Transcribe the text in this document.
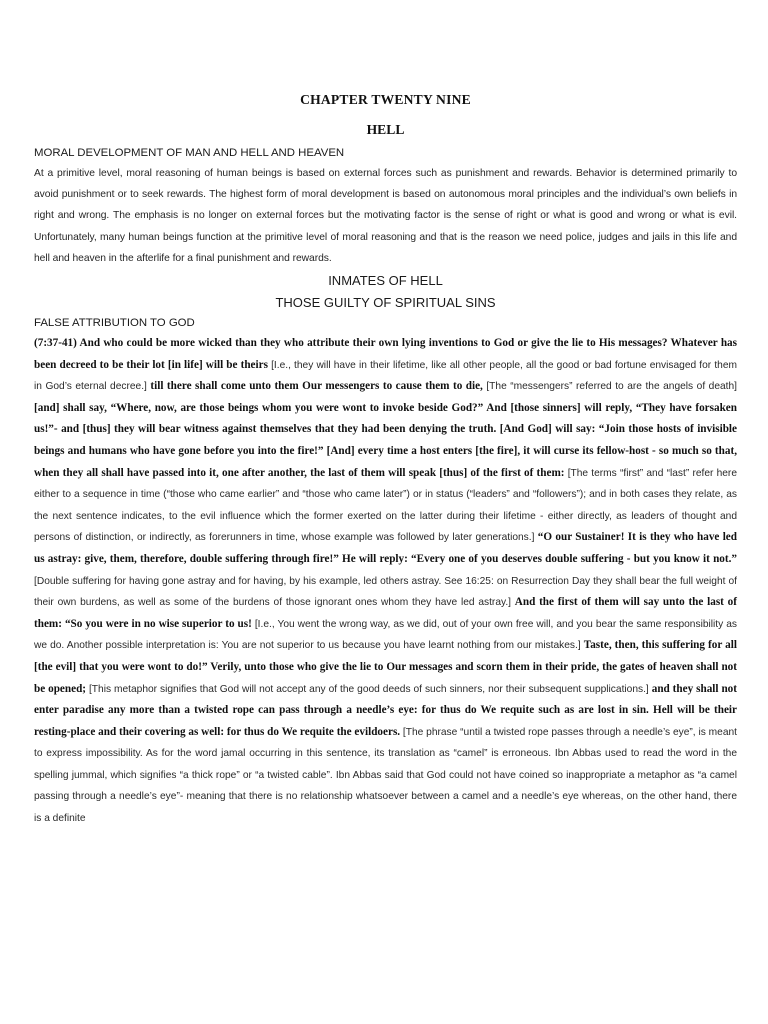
CHAPTER TWENTY NINE
HELL
MORAL DEVELOPMENT OF MAN AND HELL AND HEAVEN

At a primitive level, moral reasoning of human beings is based on external forces such as punishment and rewards. Behavior is determined primarily to avoid punishment or to seek rewards. The highest form of moral development is based on autonomous moral principles and the individual’s own beliefs in right and wrong. The emphasis is no longer on external forces but the motivating factor is the sense of right or what is good and wrong or what is evil. Unfortunately, many human beings function at the primitive level of moral reasoning and that is the reason we need police, judges and jails in this life and hell and heaven in the afterlife for a final punishment and rewards.

INMATES OF HELL
THOSE GUILTY OF SPIRITUAL SINS
FALSE ATTRIBUTION TO GOD

(7:37-41) And who could be more wicked than they who attribute their own lying inventions to God or give the lie to His messages? Whatever has been decreed to be their lot [in life] will be theirs [I.e., they will have in their lifetime, like all other people, all the good or bad fortune envisaged for them in God’s eternal decree.] till there shall come unto them Our messengers to cause them to die, [The “messengers” referred to are the angels of death] [and] shall say, “Where, now, are those beings whom you were wont to invoke beside God?” And [those sinners] will reply, “They have forsaken us!”- and [thus] they will bear witness against themselves that they had been denying the truth. [And God] will say: “Join those hosts of invisible beings and humans who have gone before you into the fire!” [And] every time a host enters [the fire], it will curse its fellow-host - so much so that, when they all shall have passed into it, one after another, the last of them will speak [thus] of the first of them: [The terms “first” and “last” refer here either to a sequence in time (“those who came earlier” and “those who came later”) or in status (“leaders” and “followers”); and in both cases they relate, as the next sentence indicates, to the evil influence which the former exerted on the latter during their lifetime - either directly, as leaders of thought and persons of distinction, or indirectly, as forerunners in time, whose example was followed by later generations.] “O our Sustainer! It is they who have led us astray: give, them, therefore, double suffering through fire!” He will reply: “Every one of you deserves double suffering - but you know it not.” [Double suffering for having gone astray and for having, by his example, led others astray. See 16:25: on Resurrection Day they shall bear the full weight of their own burdens, as well as some of the burdens of those ignorant ones whom they have led astray.] And the first of them will say unto the last of them: “So you were in no wise superior to us! [I.e., You went the wrong way, as we did, out of your own free will, and you bear the same responsibility as we do. Another possible interpretation is: You are not superior to us because you have learnt nothing from our mistakes.] Taste, then, this suffering for all [the evil] that you were wont to do!” Verily, unto those who give the lie to Our messages and scorn them in their pride, the gates of heaven shall not be opened; [This metaphor signifies that God will not accept any of the good deeds of such sinners, nor their subsequent supplications.] and they shall not enter paradise any more than a twisted rope can pass through a needle’s eye: for thus do We requite such as are lost in sin. Hell will be their resting-place and their covering as well: for thus do We requite the evildoers. [The phrase “until a twisted rope passes through a needle’s eye”, is meant to express impossibility. As for the word jamal occurring in this sentence, its translation as “camel” is erroneous. Ibn Abbas used to read the word in the spelling jummal, which signifies “a thick rope” or “a twisted cable”. Ibn Abbas said that God could not have coined so inappropriate a metaphor as “a camel passing through a needle’s eye”- meaning that there is no relationship whatsoever between a camel and a needle’s eye whereas, on the other hand, there is a definite
